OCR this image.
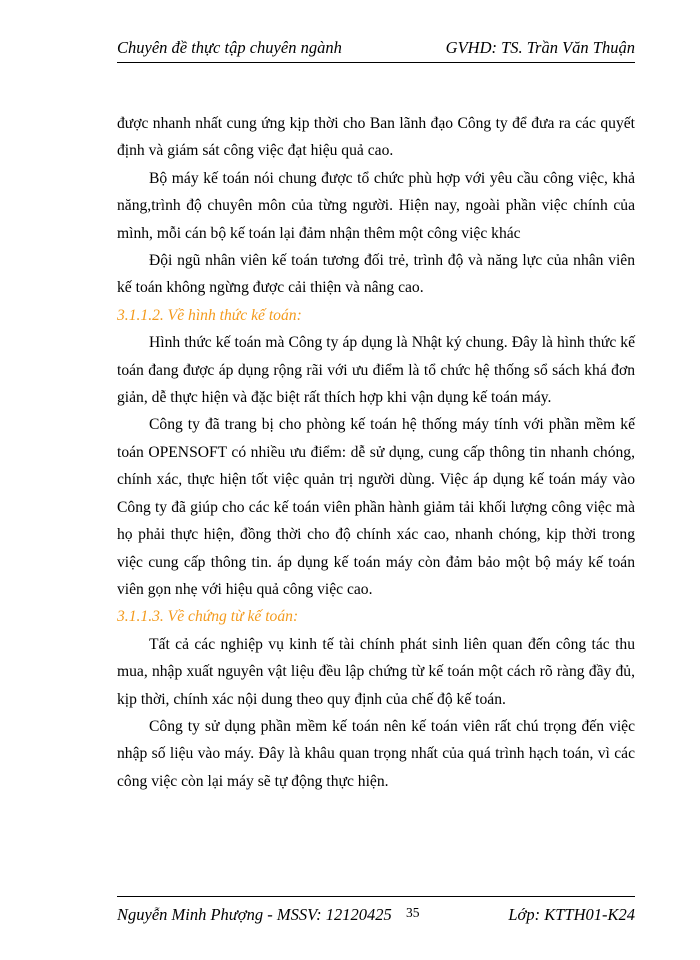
Chuyên đề thực tập chuyên ngành	GVHD: TS. Trần Văn Thuận

được nhanh nhất cung ứng kịp thời cho Ban lãnh đạo Công ty để đưa ra các quyết định và giám sát công việc đạt hiệu quả cao.

Bộ máy kế toán nói chung được tổ chức phù hợp với yêu cầu công việc, khả năng,trình độ chuyên môn của từng người. Hiện nay, ngoài phần việc chính của mình, mỗi cán bộ kế toán lại đảm nhận thêm một công việc khác

Đội ngũ nhân viên kế toán tương đối trẻ, trình độ và năng lực của nhân viên kế toán không ngừng được cải thiện và nâng cao.

3.1.1.2. Về hình thức kế toán:

Hình thức kế toán mà Công ty áp dụng là Nhật ký chung. Đây là hình thức kế toán đang được áp dụng rộng rãi với ưu điểm là tổ chức hệ thống sổ sách khá đơn giản, dễ thực hiện và đặc biệt rất thích hợp khi vận dụng kế toán máy.

Công ty đã trang bị cho phòng kế toán hệ thống máy tính với phần mềm kế toán OPENSOFT có nhiều ưu điểm: dễ sử dụng, cung cấp thông tin nhanh chóng, chính xác, thực hiện tốt việc quản trị người dùng. Việc áp dụng kế toán máy vào Công ty đã giúp cho các kế toán viên phần hành giảm tải khối lượng công việc mà họ phải thực hiện, đồng thời cho độ chính xác cao, nhanh chóng, kịp thời trong việc cung cấp thông tin. áp dụng kế toán máy còn đảm bảo một bộ máy kế toán viên gọn nhẹ với hiệu quả công việc cao.

3.1.1.3. Về chứng từ kế toán:

Tất cả các nghiệp vụ kinh tế tài chính phát sinh liên quan đến công tác thu mua, nhập xuất nguyên vật liệu đều lập chứng từ kế toán một cách rõ ràng đầy đủ, kịp thời, chính xác nội dung theo quy định của chế độ kế toán.

Công ty sử dụng phần mềm kế toán nên kế toán viên rất chú trọng đến việc nhập số liệu vào máy. Đây là khâu quan trọng nhất của quá trình hạch toán, vì các công việc còn lại máy sẽ tự động thực hiện.

Nguyễn Minh Phượng - MSSV: 12120425 35	Lớp: KTTH01-K24
